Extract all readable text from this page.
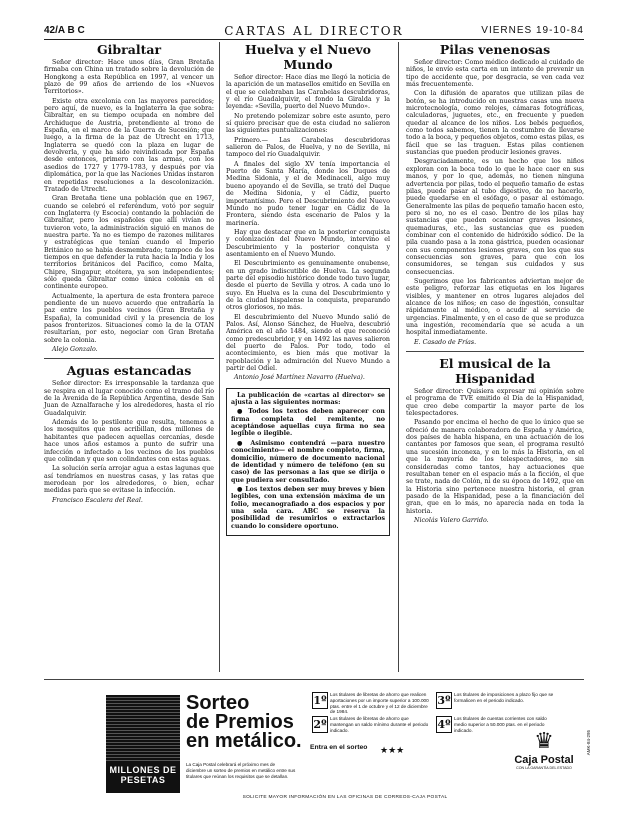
42/A B C	CARTAS AL DIRECTOR	VIERNES 19-10-84
Gibraltar

Señor director: Hace unos días, Gran Bretaña firmaba con China un tratado sobre la devolución de Hongkong a esta República en 1997, al vencer un plazo de 99 años de arriendo de los «Nuevos Territorios».

Existe otra excolonia con las mayores parecidos; pero aquí, de nuevo, es la Inglaterra la que sobra: Gibraltar, en su tiempo ocupada en nombre del Archiduque de Austria, pretendiente al trono de España, en el marco de la Guerra de Sucesión; que luego, a la firma de la paz de Utrecht en 1713, Inglaterra se quedó con la plaza en lugar de devolverla, y que ha sido reivindicada por España desde entonces, primero con las armas, con los asedios de 1727 y 1779-1783, y después por vía diplomática, por la que las Naciones Unidas instaron en repetidas resoluciones a la descolonización. Tratado de Utrecht.

Gran Bretaña tiene una población que en 1967, cuando se celebró el referéndum, votó por seguir con Inglaterra (y Escocia) contando la población de Gibraltar, pero los españoles que allí vivían no tuvieron voto, la administración siguió en manos de nuestra parte. Ya no es tiempo de razones militares y estratégicas que tenían cuando el Imperio Británico no se había desmembrado; tampoco de los tiempos en que defender la ruta hacia la India y los territorios británicos del Pacífico, como Malta, Chipre, Singapur, etcétera, ya son independientes; sólo queda Gibraltar como única colonia en el continente europeo.

Actualmente, la apertura de esta frontera parece pendiente de un nuevo acuerdo que entrañaría la paz entre los pueblos vecinos (Gran Bretaña y España), la comunidad civil y la presencia de los pasos fronterizos. Situaciones como la de la OTAN resultarían, por esto, negociar con Gran Bretaña sobre la colonia.

Alejo Gonzalo.

Aguas estancadas

Señor director: Es irresponsable la tardanza que se respira en el lugar conocido como el tramo del río de la Avenida de la República Argentina, desde San Juan de Aznalfarache y los alrededores, hasta el río Guadalquivir.

Además de lo pestilente que resulta, tenemos a los mosquitos que nos acribillan, dos millones de habitantes que padecen aquellas cercanías, desde hace unos años estamos a punto de sufrir una infección o infectado a los vecinos de los pueblos que colindan y que son colindantes con estas aguas.

La solución sería arrojar agua a estas lagunas que así tendríamos en nuestras casas, y las ratas que merodean por los alrededores, o bien, echar medidas para que se evitase la infección.

Francisco Escalera del Real.

Huelva y el Nuevo Mundo

Señor director: Hace días me llegó la noticia de la aparición de un matasellos emitido en Sevilla en el que se celebraban las Carabelas descubridoras, y el río Guadalquivir, el fondo la Giralda y la leyenda: «Sevilla, puerto del Nuevo Mundo».

No pretendo polemizar sobre este asunto, pero sí quiero precisar que de esta ciudad no salieron las siguientes puntualizaciones:

Primero.— Las Carabelas descubridoras salieron de Palos, de Huelva, y no de Sevilla, ni tampoco del río Guadalquivir.

A finales del siglo XV tenía importancia el Puerto de Santa María, donde los Duques de Medina Sidonia, y el de Medinaceli, algo muy bueno apoyando el de Sevilla, se trató del Duque de Medina Sidonia, y el Cádiz, puerto importantísimo. Pero el Descubrimiento del Nuevo Mundo no pudo tener lugar en Cádiz de la Frontera, siendo ésta escenario de Palos y la marinería.

Hay que destacar que en la posterior conquista y colonización del Nuevo Mundo, intervino el Descubrimiento y la posterior conquista y asentamiento en el Nuevo Mundo.

El Descubrimiento es genuinamente onubense, en un grado indiscutible de Huelva. La segunda parte del episodio histórico donde todo tuvo lugar, desde el puerto de Sevilla y otros. A cada uno lo suyo. En Huelva es la cuna del Descubrimiento y de la ciudad hispalense la conquista, preparando otros gloriosos, no más.

El descubrimiento del Nuevo Mundo salió de Palos. Así, Alonso Sánchez, de Huelva, descubrió América en el año 1484, siendo el que reconoció como predescubridor, y en 1492 las naves salieron del puerto de Palos. Por todo, todo el acontecimiento, es bien más que motivar la repoblación y la admiración del Nuevo Mundo a partir del Odiel.

Antonio José Martínez Navarro (Huelva).

La publicación de «cartas al director» se ajusta a las siguientes normas:

● Todos los textos deben aparecer con firma completa del remitente, no aceptándose aquellas cuya firma no sea legible o ilegible.

● Asimismo contendrá —para nuestro conocimiento— el nombre completo, firma, domicilio, número de documento nacional de identidad y número de teléfono (en su caso) de las personas a las que se dirija o que pudiera ser consultado.

● Los textos deben ser muy breves y bien legibles, con una extensión máxima de un folio, mecanografiado a dos espacios y por una sola cara. ABC se reserva la posibilidad de resumirlos o extractarlos cuando lo considere oportuno.

Pilas venenosas

Señor director: Como médico dedicado al cuidado de niños, le envío esta carta en un intento de prevenir un tipo de accidente que, por desgracia, se ven cada vez más frecuentemente.

Con la difusión de aparatos que utilizan pilas de botón, se ha introducido en nuestras casas una nueva microtecnología, como relojes, cámaras fotográficas, calculadoras, juguetes, etc., en frecuente y pueden quedar al alcance de los niños. Los bebés pequeños, como todos sabemos, tienen la costumbre de llevarse todo a la boca, y pequeños objetos, como estas pilas, es fácil que se las traguen. Estas pilas contienen sustancias que pueden producir lesiones graves.

Desgraciadamente, es un hecho que los niños exploran con la boca todo lo que le hace caer en sus manos, y por lo que, además, no tienen ninguna advertencia por pilas, todo el pequeño tamaño de estas pilas, puede pasar al tubo digestivo, de no hacerlo, puede quedarse en el esófago, o pasar al estómago. Generalmente las pilas de pequeño tamaño hacen esto, pero si no, no es el caso. Dentro de los pilas hay sustancias que pueden ocasionar graves lesiones, quemaduras, etc., las sustancias que es pueden combinar con el contenido de hidróxido sódico. De la pila cuando pasa a la zona gástrica, pueden ocasionar con sus componentes lesiones graves, con los que sus consecuencias son graves, para que con los consumidores, se tengan sus cuidados y sus consecuencias.

Sugerimos que los fabricantes adviertan mejor de este peligro, reforzar las etiquetas en los lugares visibles, y mantener en otros lugares alejados del alcance de los niños; en caso de ingestión, consultar rápidamente al médico, o acudir al servicio de urgencias. Finalmente, y en el caso de que se produzca una ingestión, recomendaría que se acuda a un hospital inmediatamente.

E. Casado de Frías.

El musical de la Hispanidad

Señor director: Quisiera expresar mi opinión sobre el programa de TVE emitido el Día de la Hispanidad, que creo debe compartir la mayor parte de los telespectadores.

Pasando por encima el hecho de que lo único que se ofreció de manera colaboradora de España y América, dos países de habla hispana, en una actuación de los cantantes por famosos que sean, el programa resultó una sucesión inconexa, y en lo más la Historia, en el que la mayoría de los telespectadores, no sin consideradas como tantos, hay actuaciones que resultaban tener en el espacio más a la ficción, el que se trate, nada de Colón, ni de su época de 1492, que en la Historia sino pertenece nuestra historia, el gran pasado de la Hispanidad, pese a la financiación del gran, que en lo más, no aparecía nada en toda la historia.

Nicolás Valero Garrido.

MILLONES DE PESETAS
Sorteo
de Premios
en metálico.
La Caja Postal celebrará el próximo mes de diciembre un sorteo de premios en metálico entre sus titulares que reúnan los requisitos que se detallan.
1º Los titulares de libretas de ahorro que realicen aportaciones por un importe superior a 100.000 ptas. entre el 1 de octubre y el 12 de diciembre de 1984.
2º Los titulares de libretas de ahorro que mantengan un saldo mínimo durante el periodo indicado.
3º Los titulares de imposiciones a plazo fijo que se formalicen en el periodo indicado.
4º Los titulares de cuentas corrientes con saldo medio superior a 50.000 ptas. en el periodo indicado.
Entra en el sorteo	★★★	♛
Caja Postal
CON LA GARANTÍA DEL ESTADO
AMK-84-295
SOLICITE MAYOR INFORMACIÓN EN LAS OFICINAS DE CORREOS-CAJA POSTAL
